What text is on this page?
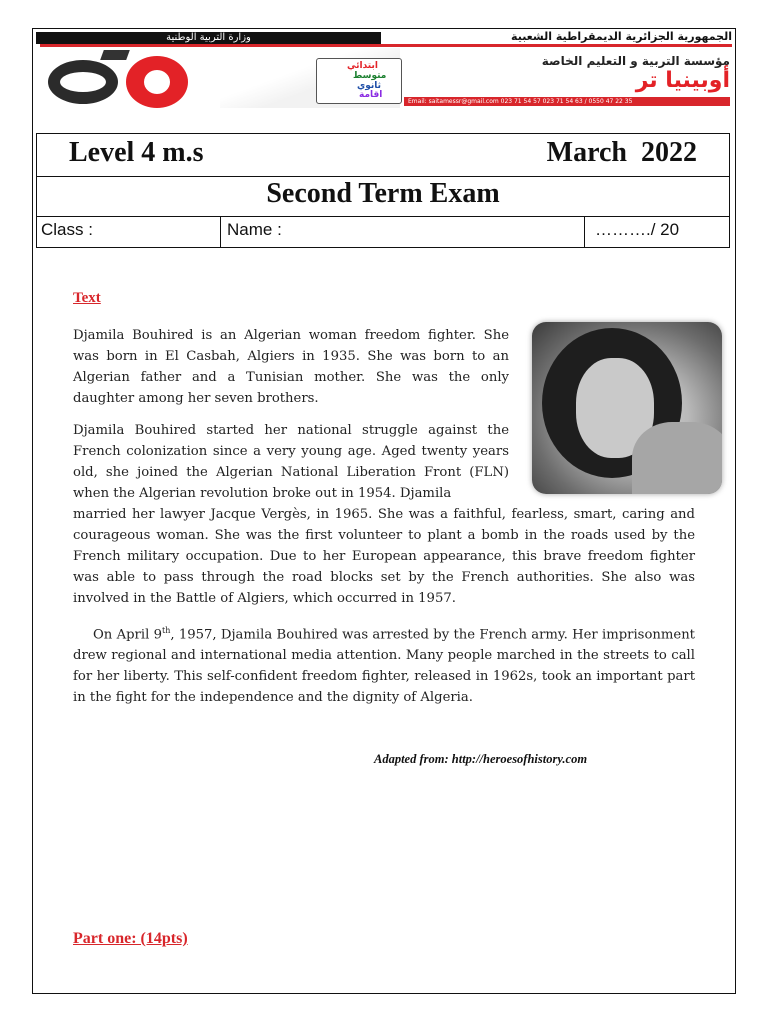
وزارة التربية الوطنية	الجمهورية الجزائرية الديمقراطية الشعبية
ابتدائي
متوسط
ثانوي
اقامة
مؤسسة التربية و التعليم الخاصة
أوبينيا تر
Email: saitamessr@gmail.com 023 71 54 57 023 71 54 63 / 0550 47 22 35
Level 4 m.s	March  2022
Second Term Exam
Class :	Name :	………./ 20
Text
Djamila Bouhired is an Algerian woman freedom fighter. She was born in El Casbah, Algiers in 1935. She was born to an Algerian father and a Tunisian mother. She was the only daughter among her seven brothers.
Djamila Bouhired started her national struggle against the French colonization since a very young age. Aged twenty years old, she joined the Algerian National Liberation Front (FLN) when the Algerian revolution broke out in 1954. Djamila
married her lawyer Jacque Vergès, in 1965. She was a faithful, fearless, smart, caring and courageous woman. She was the first volunteer to plant a bomb in the roads used by the French military occupation. Due to her European appearance, this brave freedom fighter was able to pass through the road blocks set by the French authorities. She also was involved in the Battle of Algiers, which occurred in 1957.
On April 9th, 1957, Djamila Bouhired was arrested by the French army. Her imprisonment drew regional and international media attention. Many people marched in the streets to call for her liberty. This self-confident freedom fighter, released in 1962s, took an important part in the fight for the independence and the dignity of Algeria.
Adapted from: http://heroesofhistory.com
Part one: (14pts)
